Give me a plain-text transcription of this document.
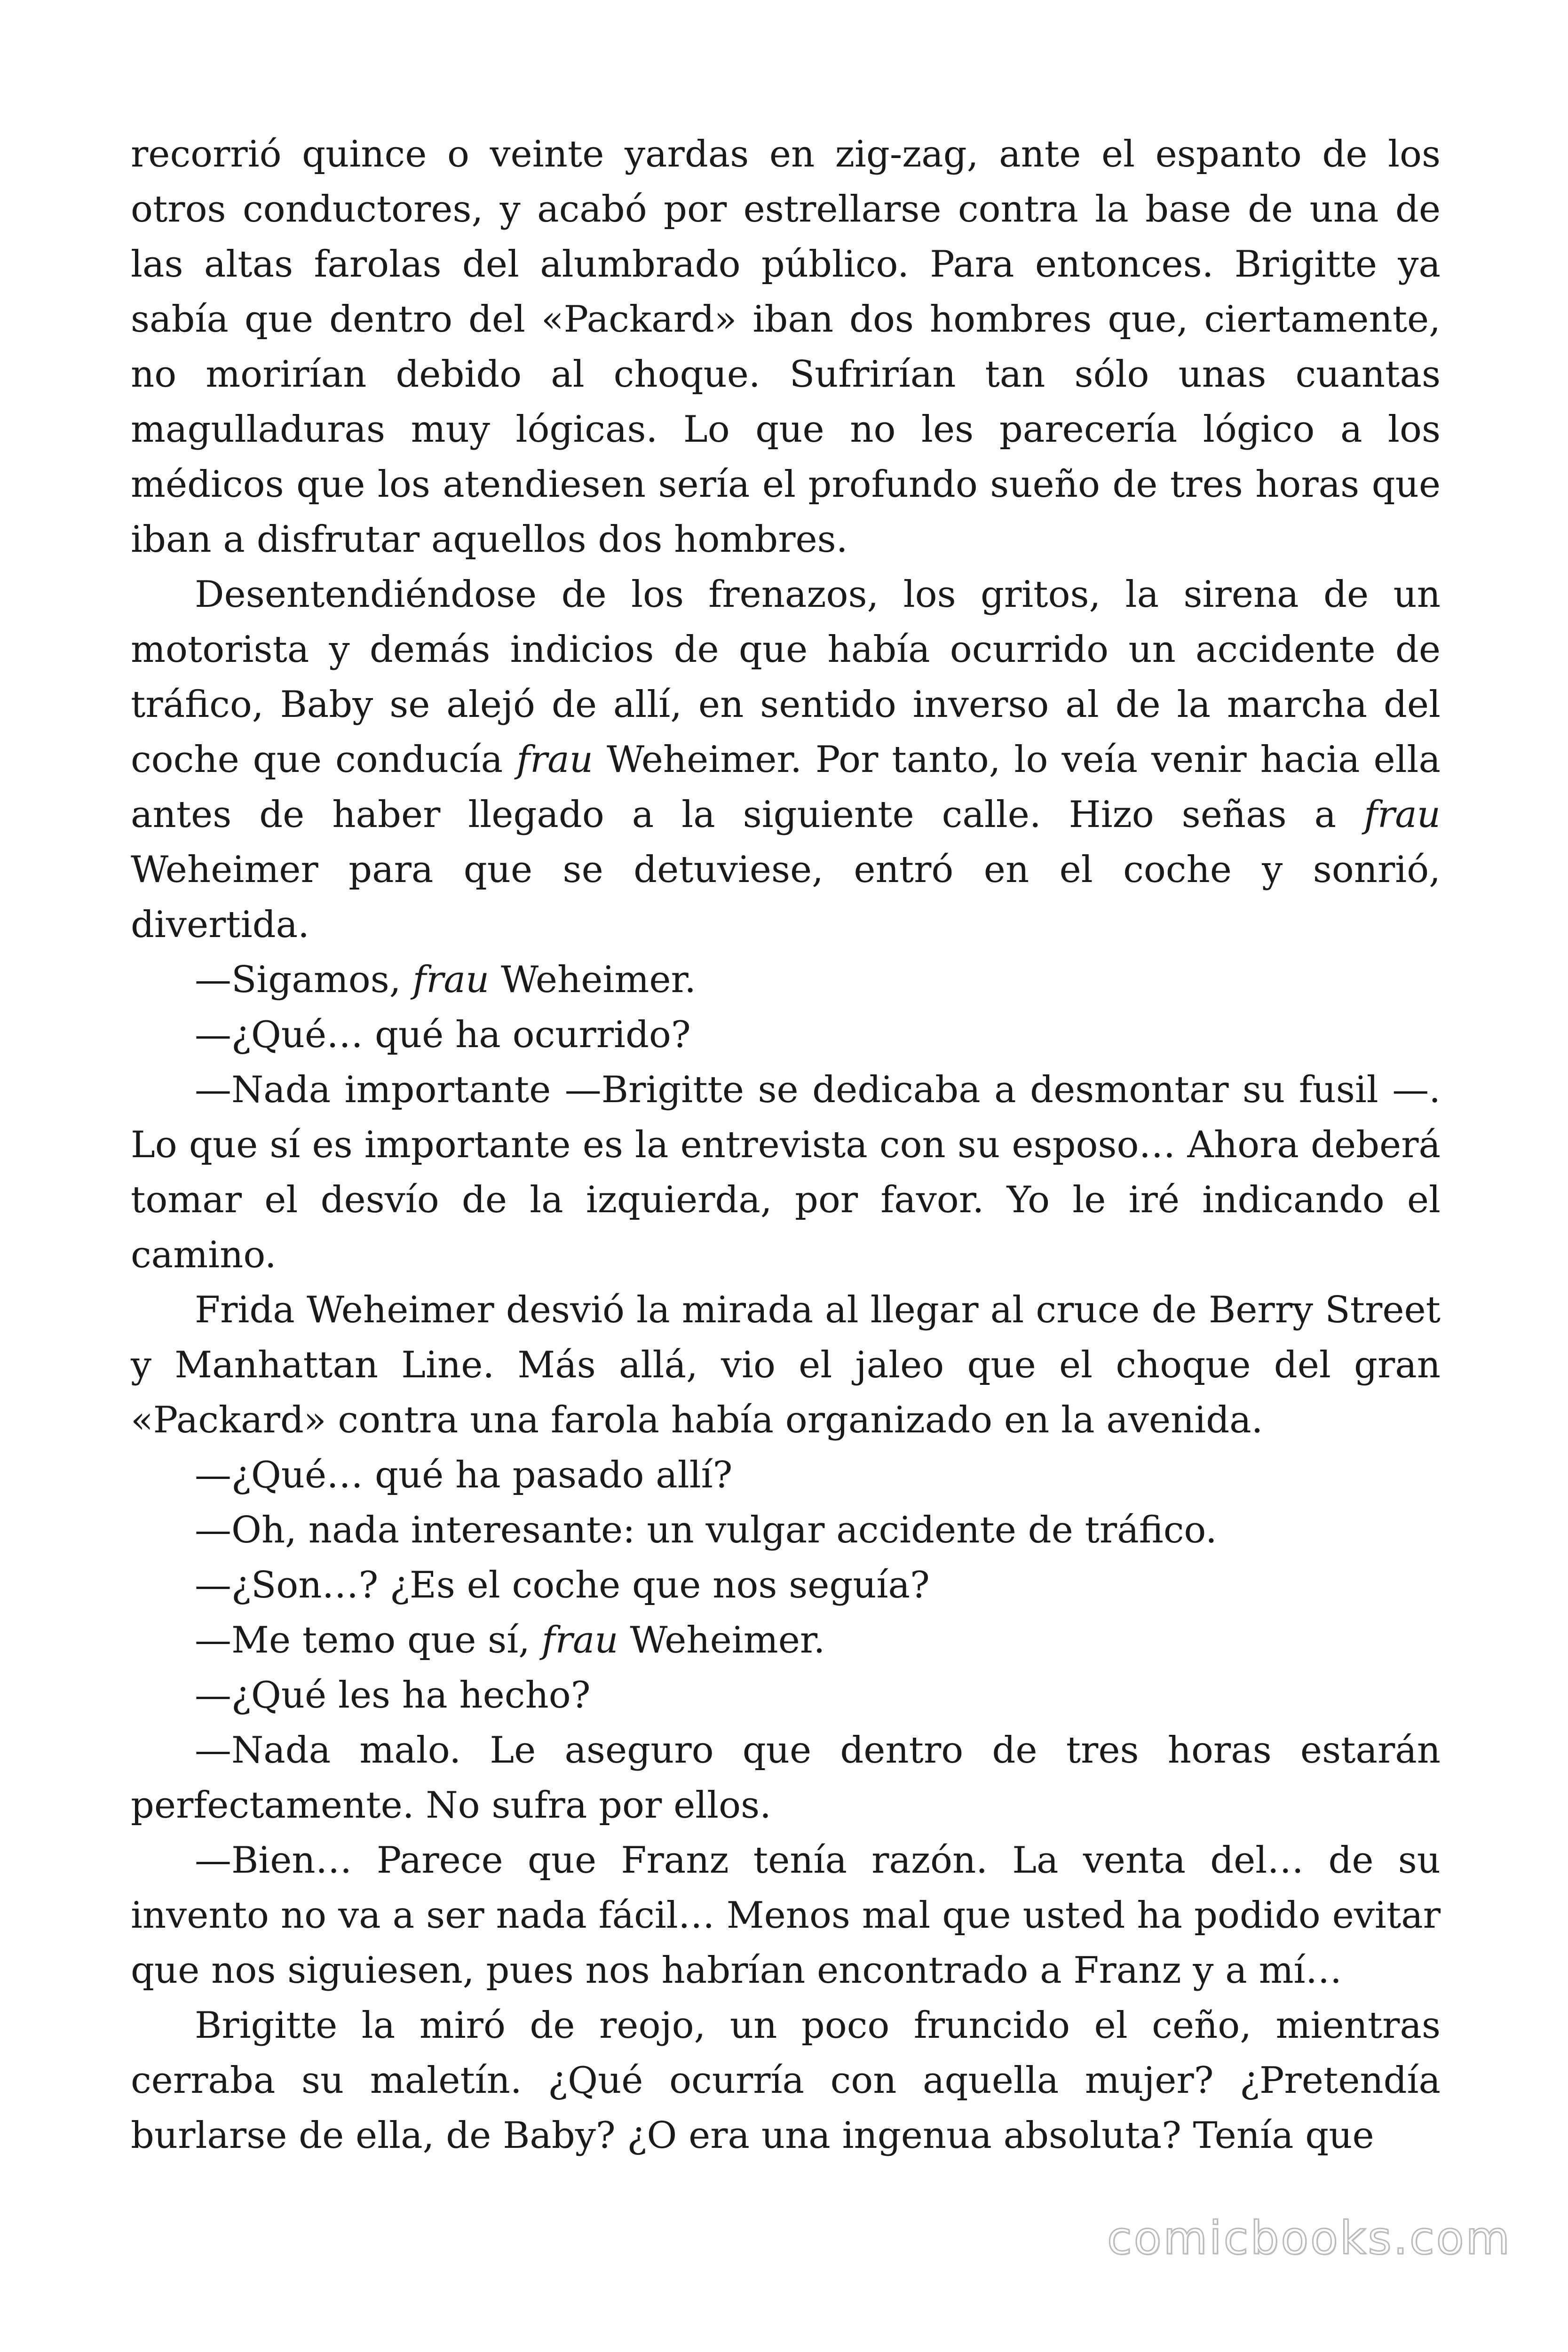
recorrió quince o veinte yardas en zig-zag, ante el espanto de los otros conductores, y acabó por estrellarse contra la base de una de las altas farolas del alumbrado público. Para entonces. Brigitte ya sabía que dentro del «Packard» iban dos hombres que, ciertamente, no morirían debido al choque. Sufrirían tan sólo unas cuantas magulladuras muy lógicas. Lo que no les parecería lógico a los médicos que los atendiesen sería el profundo sueño de tres horas que iban a disfrutar aquellos dos hombres.

Desentendiéndose de los frenazos, los gritos, la sirena de un motorista y demás indicios de que había ocurrido un accidente de tráfico, Baby se alejó de allí, en sentido inverso al de la marcha del coche que conducía frau Weheimer. Por tanto, lo veía venir hacia ella antes de haber llegado a la siguiente calle. Hizo señas a frau Weheimer para que se detuviese, entró en el coche y sonrió, divertida.

—Sigamos, frau Weheimer.

—¿Qué… qué ha ocurrido?

—Nada importante —Brigitte se dedicaba a desmontar su fusil —. Lo que sí es importante es la entrevista con su esposo… Ahora deberá tomar el desvío de la izquierda, por favor. Yo le iré indicando el camino.

Frida Weheimer desvió la mirada al llegar al cruce de Berry Street y Manhattan Line. Más allá, vio el jaleo que el choque del gran «Packard» contra una farola había organizado en la avenida.

—¿Qué… qué ha pasado allí?

—Oh, nada interesante: un vulgar accidente de tráfico.

—¿Son…? ¿Es el coche que nos seguía?

—Me temo que sí, frau Weheimer.

—¿Qué les ha hecho?

—Nada malo. Le aseguro que dentro de tres horas estarán perfectamente. No sufra por ellos.

—Bien… Parece que Franz tenía razón. La venta del… de su invento no va a ser nada fácil… Menos mal que usted ha podido evitar que nos siguiesen, pues nos habrían encontrado a Franz y a mí…

Brigitte la miró de reojo, un poco fruncido el ceño, mientras cerraba su maletín. ¿Qué ocurría con aquella mujer? ¿Pretendía burlarse de ella, de Baby? ¿O era una ingenua absoluta? Tenía que

comicbooks.com
